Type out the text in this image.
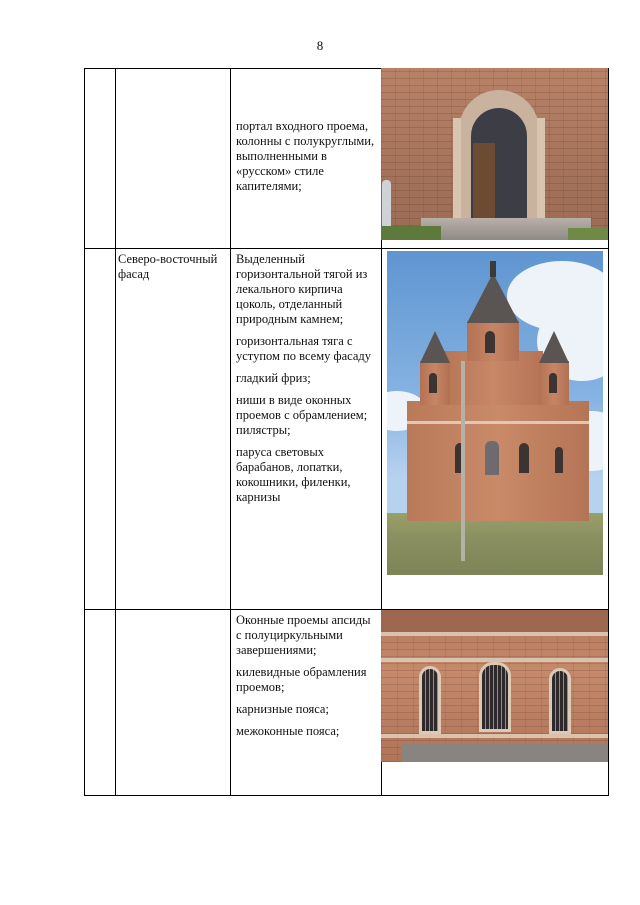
8

портал входного проема, колонны с полукруглыми, выполненными в «русском» стиле капителями;

Северо-восточный фасад

Выделенный горизонтальной тягой из лекального кирпича цоколь, отделанный природным камнем;

горизонтальная тяга с уступом по всему фасаду

гладкий фриз;

ниши в виде оконных проемов с обрамлением; пилястры;

паруса световых барабанов, лопатки, кокошники, филенки, карнизы

Оконные проемы апсиды с полуциркульными завершениями;

килевидные обрамления проемов;

карнизные пояса;

межоконные пояса;
